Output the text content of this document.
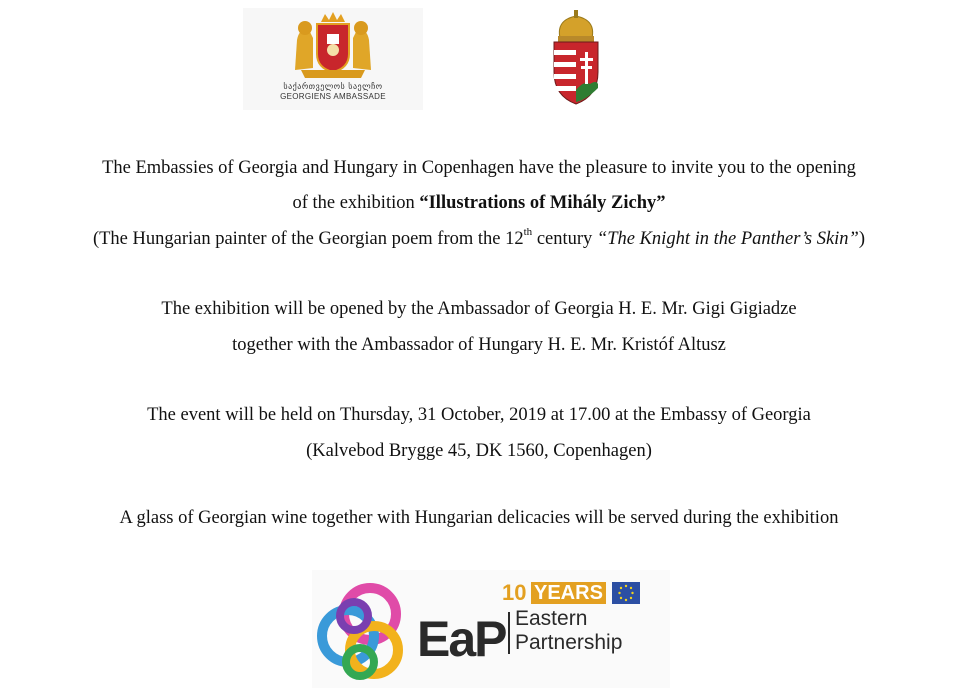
საქართველოს საელჩო
GEORGIENS AMBASSADE
The Embassies of Georgia and Hungary in Copenhagen have the pleasure to invite you to the opening
of the exhibition “Illustrations of Mihály Zichy”
(The Hungarian painter of the Georgian poem from the 12th century “The Knight in the Panther’s Skin”)
The exhibition will be opened by the Ambassador of Georgia H. E. Mr. Gigi Gigiadze
together with the Ambassador of Hungary H. E. Mr. Kristóf Altusz
The event will be held on Thursday, 31 October, 2019 at 17.00 at the Embassy of Georgia
(Kalvebod Brygge 45, DK 1560, Copenhagen)
A glass of Georgian wine together with Hungarian delicacies will be served during the exhibition
10 YEARS
EaP Eastern
Partnership
